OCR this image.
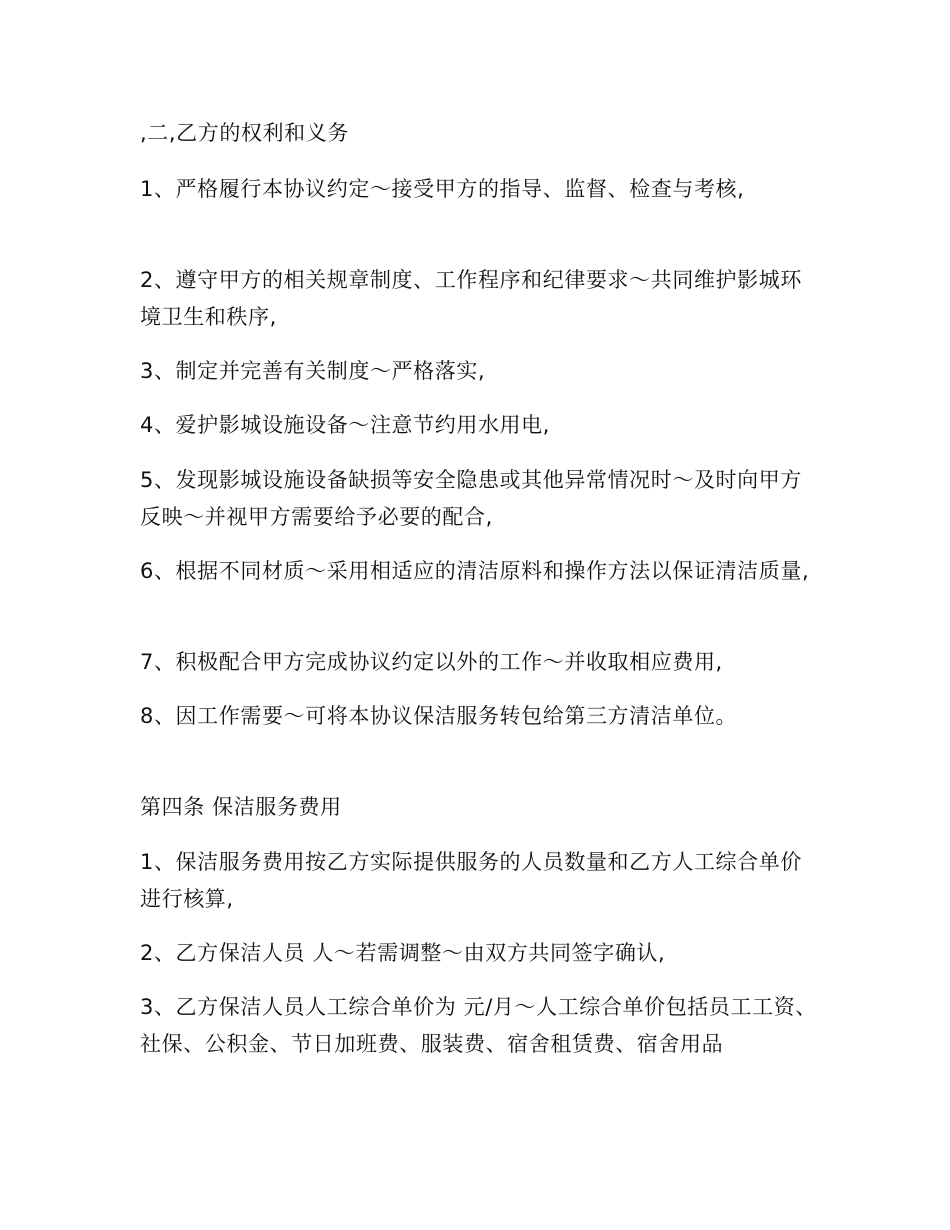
,二,乙方的权利和义务

1、严格履行本协议约定～接受甲方的指导、监督、检查与考核,

2、遵守甲方的相关规章制度、工作程序和纪律要求～共同维护影城环境卫生和秩序,

3、制定并完善有关制度～严格落实,

4、爱护影城设施设备～注意节约用水用电,

5、发现影城设施设备缺损等安全隐患或其他异常情况时～及时向甲方反映～并视甲方需要给予必要的配合,

6、根据不同材质～采用相适应的清洁原料和操作方法以保证清洁质量,

7、积极配合甲方完成协议约定以外的工作～并收取相应费用,

8、因工作需要～可将本协议保洁服务转包给第三方清洁单位。

第四条 保洁服务费用

1、保洁服务费用按乙方实际提供服务的人员数量和乙方人工综合单价进行核算,

2、乙方保洁人员 人～若需调整～由双方共同签字确认,

3、乙方保洁人员人工综合单价为 元/月～人工综合单价包括员工工资、社保、公积金、节日加班费、服装费、宿舍租赁费、宿舍用品
